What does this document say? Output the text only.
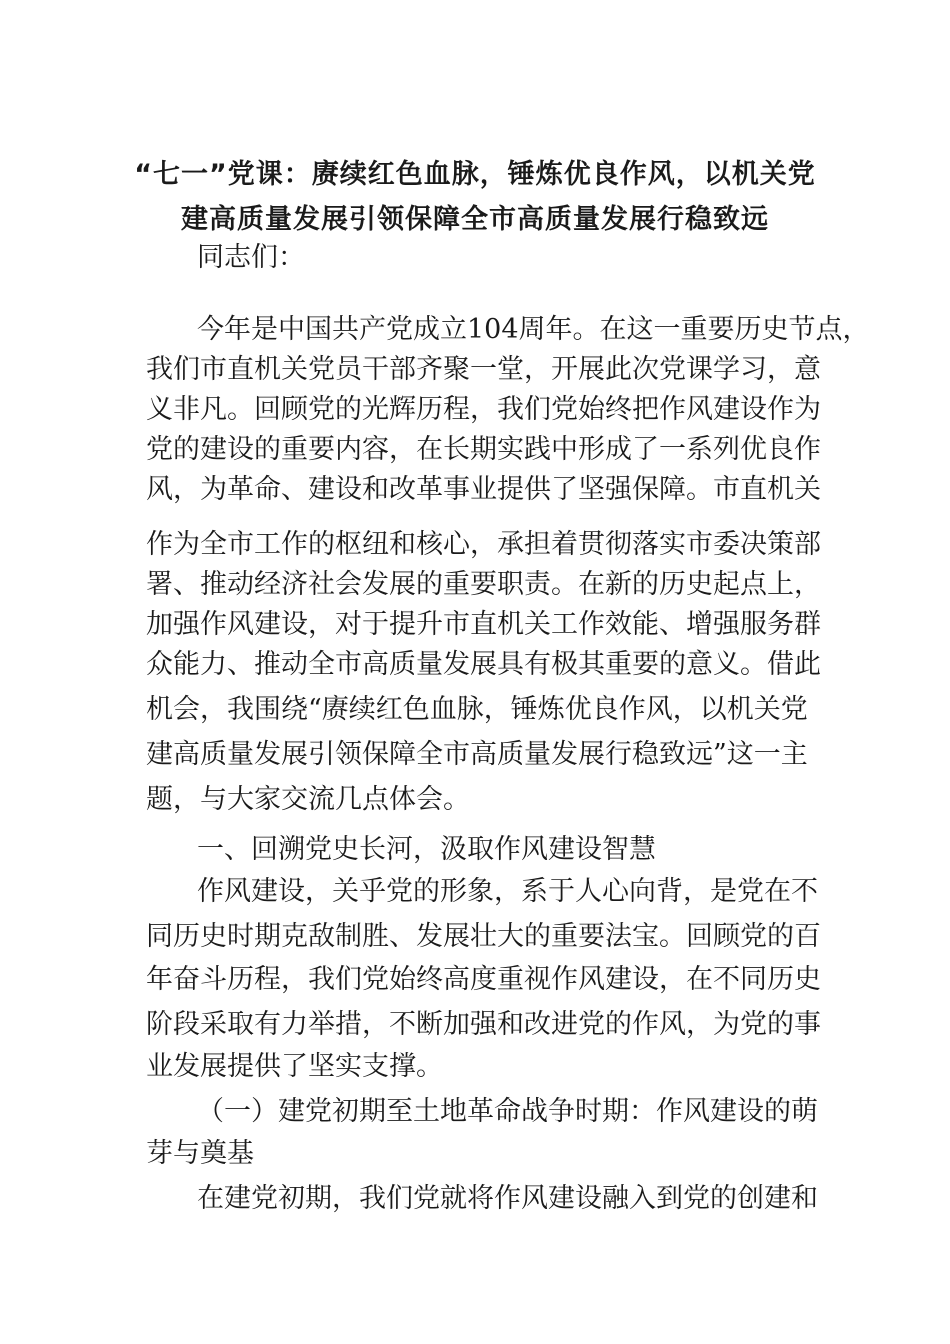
“七一”党课：赓续红色血脉，锤炼优良作风，以机关党
建高质量发展引领保障全市高质量发展行稳致远
同志们：
今年是中国共产党成立104周年。在这一重要历史节点，
我们市直机关党员干部齐聚一堂，开展此次党课学习，意
义非凡。回顾党的光辉历程，我们党始终把作风建设作为
党的建设的重要内容，在长期实践中形成了一系列优良作
风，为革命、建设和改革事业提供了坚强保障。市直机关
作为全市工作的枢纽和核心，承担着贯彻落实市委决策部
署、推动经济社会发展的重要职责。在新的历史起点上，
加强作风建设，对于提升市直机关工作效能、增强服务群
众能力、推动全市高质量发展具有极其重要的意义。借此
机会，我围绕“赓续红色血脉，锤炼优良作风，以机关党
建高质量发展引领保障全市高质量发展行稳致远”这一主
题，与大家交流几点体会。
一、回溯党史长河，汲取作风建设智慧
作风建设，关乎党的形象，系于人心向背，是党在不
同历史时期克敌制胜、发展壮大的重要法宝。回顾党的百
年奋斗历程，我们党始终高度重视作风建设，在不同历史
阶段采取有力举措，不断加强和改进党的作风，为党的事
业发展提供了坚实支撑。
（一）建党初期至土地革命战争时期：作风建设的萌
芽与奠基
在建党初期，我们党就将作风建设融入到党的创建和
